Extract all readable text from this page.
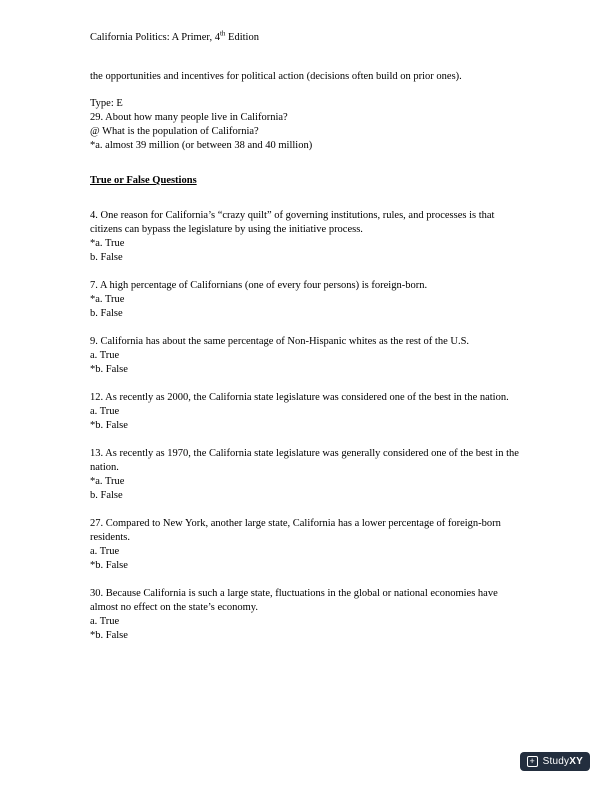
California Politics: A Primer, 4th Edition

the opportunities and incentives for political action (decisions often build on prior ones).

Type: E
29. About how many people live in California?
@ What is the population of California?
*a. almost 39 million (or between 38 and 40 million)
True or False Questions
4. One reason for California’s “crazy quilt” of governing institutions, rules, and processes is that citizens can bypass the legislature by using the initiative process.
*a. True
b. False
7. A high percentage of Californians (one of every four persons) is foreign-born.
*a. True
b. False
9. California has about the same percentage of Non-Hispanic whites as the rest of the U.S.
a. True
*b. False
12. As recently as 2000, the California state legislature was considered one of the best in the nation.
a. True
*b. False
13. As recently as 1970, the California state legislature was generally considered one of the best in the nation.
*a. True
b. False
27. Compared to New York, another large state, California has a lower percentage of foreign-born residents.
a. True
*b. False
30. Because California is such a large state, fluctuations in the global or national economies have almost no effect on the state’s economy.
a. True
*b. False
+ StudyXY
